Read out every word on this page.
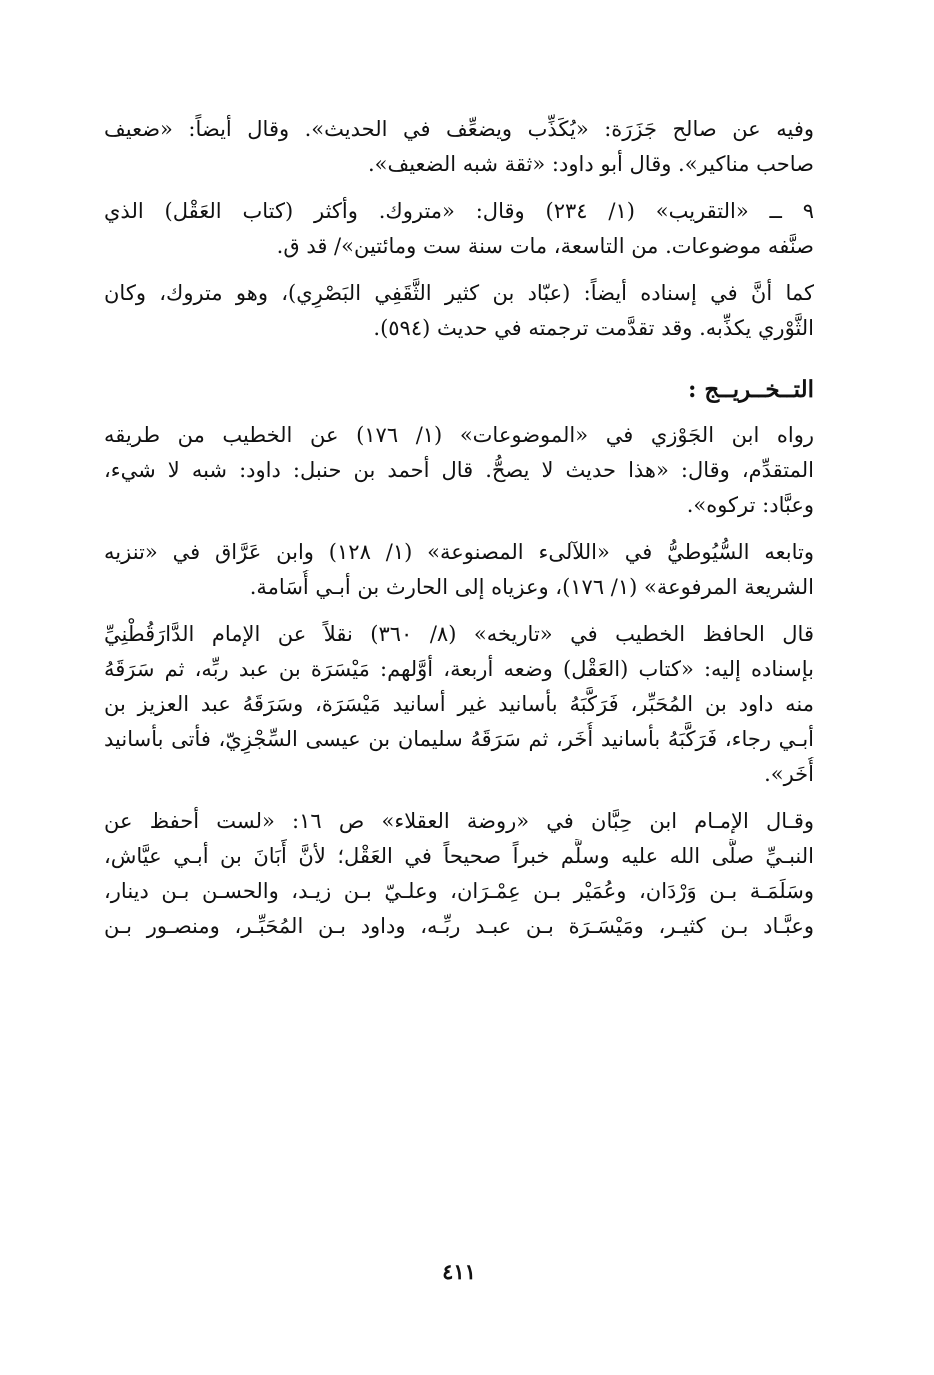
وفيه عن صالح جَزَرَة: «يُكَذِّب ويضعِّف في الحديث». وقال أيضاً: «ضعيف
صاحب مناكير». وقال أبو داود: «ثقة شبه الضعيف».

٩ ــ «التقريب» (١/ ٢٣٤) وقال: «متروك. وأكثر (كتاب العَقْل) الذي
صنَّفه موضوعات. من التاسعة، مات سنة ست ومائتين»/ قد ق.

كما أنَّ في إسناده أيضاً: (عبّاد بن كثير الثَّقَفِي البَصْرِي)، وهو متروك، وكان
الثَّوْري يكذِّبه. وقد تقدَّمت ترجمته في حديث (٥٩٤).

التــخــريــج :

رواه ابن الجَوْزي في «الموضوعات» (١/ ١٧٦) عن الخطيب من طريقه
المتقدِّم، وقال: «هذا حديث لا يصحُّ. قال أحمد بن حنبل: داود: شبه لا شيء،
وعبَّاد: تركوه».

وتابعه السُّيُوطيُّ في «اللآلىء المصنوعة» (١/ ١٢٨) وابن عَرَّاق في «تنزيه
الشريعة المرفوعة» (١/ ١٧٦)، وعزياه إلى الحارث بن أبـي أُسَامة.

قال الحافظ الخطيب في «تاريخه» (٨/ ٣٦٠) نقلاً عن الإمام الدَّارَقُطْنِيِّ
بإسناده إليه: «كتاب (العَقْل) وضعه أربعة، أوَّلهم: مَيْسَرَة بن عبد ربِّه، ثم سَرَقَهُ
منه داود بن المُحَبِّر، فَرَكَّبَهُ بأسانيد غير أسانيد مَيْسَرَة، وسَرَقَهُ عبد العزيز بن
أبـي رجاء، فَرَكَّبَهُ بأسانيد أُخَر، ثم سَرَقَهُ سليمان بن عيسى السِّجْزِيّ، فأتى بأسانيد
أُخَر».

وقـال الإمـام ابن حِبَّان في «روضة العقلاء» ص ١٦: «لست أحفظ عن
النبـيِّ صلَّى الله عليه وسلَّم خبراً صحيحاً في العَقْل؛ لأنَّ أَبَانَ بن أبـي عيَّاش،
وسَلَمَـة بـن وَرْدَان، وعُمَيْر بـن عِمْـرَان، وعلـيّ بـن زيـد، والحسـن بـن دينار،
وعبَّـاد بـن كثيـر، ومَيْسَـرَة بـن عبـد ربِّـه، وداود بـن المُحَبِّـر، ومنصـور بـن

٤١١
